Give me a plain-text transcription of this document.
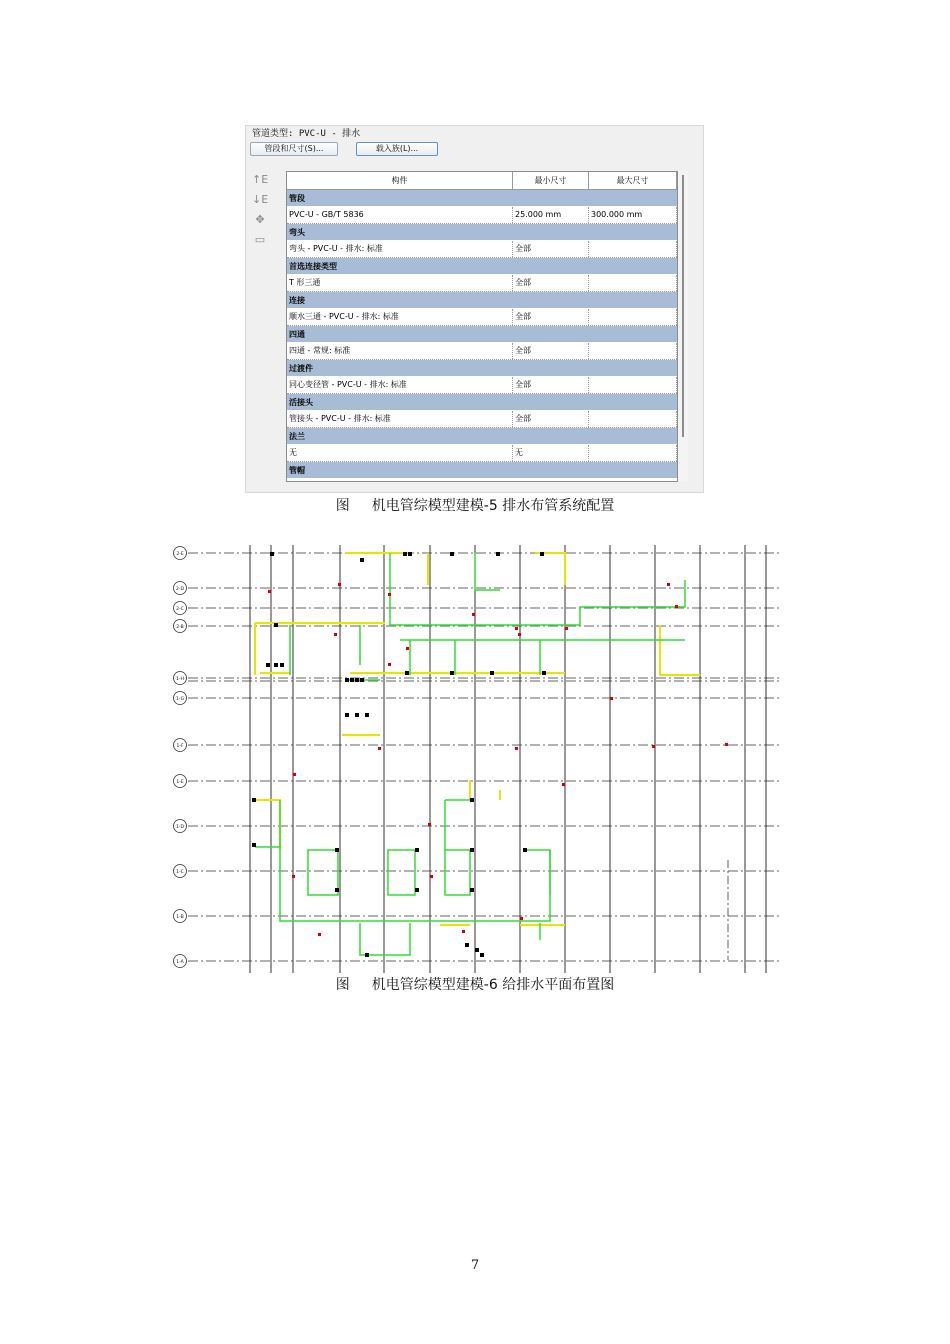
管道类型: PVC-U - 排水
管段和尺寸(S)...	载入族(L)...
↑E
↓E
✥
▭
构件	最小尺寸	最大尺寸
管段
PVC-U - GB/T 5836	25.000 mm	300.000 mm
弯头
弯头 - PVC-U - 排水: 标准	全部
首选连接类型
T 形三通	全部
连接
顺水三通 - PVC-U - 排水: 标准	全部
四通
四通 - 常规: 标准	全部
过渡件
同心变径管 - PVC-U - 排水: 标准	全部
活接头
管接头 - PVC-U - 排水: 标准	全部
法兰
无	无
管帽
图 机电管综模型建模-5 排水布管系统配置
2-E
2-D
2-C
2-B
1-H
1-G
1-F
1-E
1-D
1-C
1-B
1-A
图 机电管综模型建模-6 给排水平面布置图
7
